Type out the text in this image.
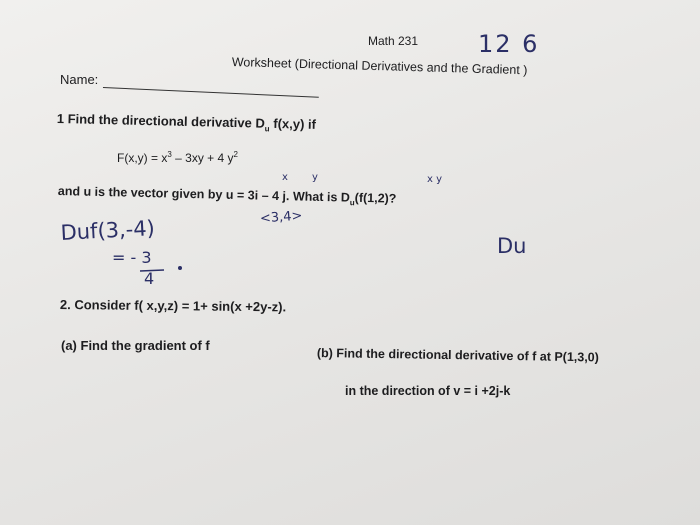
Math 231 12 6
Worksheet (Directional Derivatives and the Gradient )
Name:
1 Find the directional derivative $D_u$ f(x,y) if
$F(x,y) = x^3 - 3xy + 4$ $y^2$
x y	x y
and u is the vector given by u = 3i – 4 j. What is $D_u(f(1,2)$?
<3,4>
Duf(3,-4)
= - 3
4
Du
2. Consider f( x,y,z) = 1+ sin(x +2y-z).
(a) Find the gradient of f
(b) Find the directional derivative of f at P(1,3,0)
in the direction of v = i +2j-k
